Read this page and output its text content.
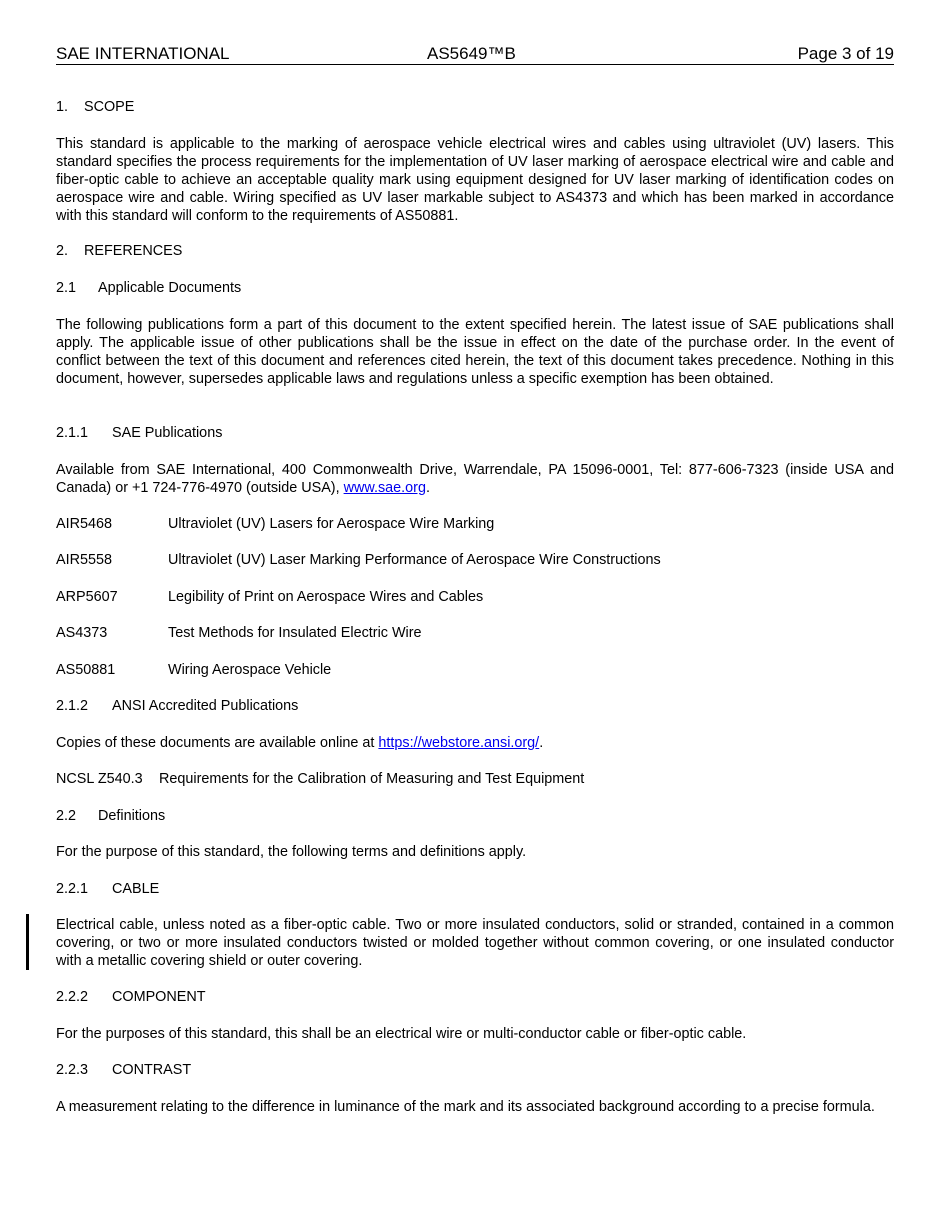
SAE INTERNATIONAL	AS5649™B	Page 3 of 19
1. SCOPE
This standard is applicable to the marking of aerospace vehicle electrical wires and cables using ultraviolet (UV) lasers. This standard specifies the process requirements for the implementation of UV laser marking of aerospace electrical wire and cable and fiber-optic cable to achieve an acceptable quality mark using equipment designed for UV laser marking of identification codes on aerospace wire and cable. Wiring specified as UV laser markable subject to AS4373 and which has been marked in accordance with this standard will conform to the requirements of AS50881.
2. REFERENCES
2.1 Applicable Documents
The following publications form a part of this document to the extent specified herein. The latest issue of SAE publications shall apply. The applicable issue of other publications shall be the issue in effect on the date of the purchase order. In the event of conflict between the text of this document and references cited herein, the text of this document takes precedence. Nothing in this document, however, supersedes applicable laws and regulations unless a specific exemption has been obtained.
2.1.1 SAE Publications
Available from SAE International, 400 Commonwealth Drive, Warrendale, PA 15096-0001, Tel: 877-606-7323 (inside USA and Canada) or +1 724-776-4970 (outside USA), www.sae.org.
AIR5468	Ultraviolet (UV) Lasers for Aerospace Wire Marking
AIR5558	Ultraviolet (UV) Laser Marking Performance of Aerospace Wire Constructions
ARP5607	Legibility of Print on Aerospace Wires and Cables
AS4373	Test Methods for Insulated Electric Wire
AS50881	Wiring Aerospace Vehicle
2.1.2 ANSI Accredited Publications
Copies of these documents are available online at https://webstore.ansi.org/.
NCSL Z540.3 Requirements for the Calibration of Measuring and Test Equipment
2.2 Definitions
For the purpose of this standard, the following terms and definitions apply.
2.2.1 CABLE
Electrical cable, unless noted as a fiber-optic cable. Two or more insulated conductors, solid or stranded, contained in a common covering, or two or more insulated conductors twisted or molded together without common covering, or one insulated conductor with a metallic covering shield or outer covering.
2.2.2 COMPONENT
For the purposes of this standard, this shall be an electrical wire or multi-conductor cable or fiber-optic cable.
2.2.3 CONTRAST
A measurement relating to the difference in luminance of the mark and its associated background according to a precise formula.
